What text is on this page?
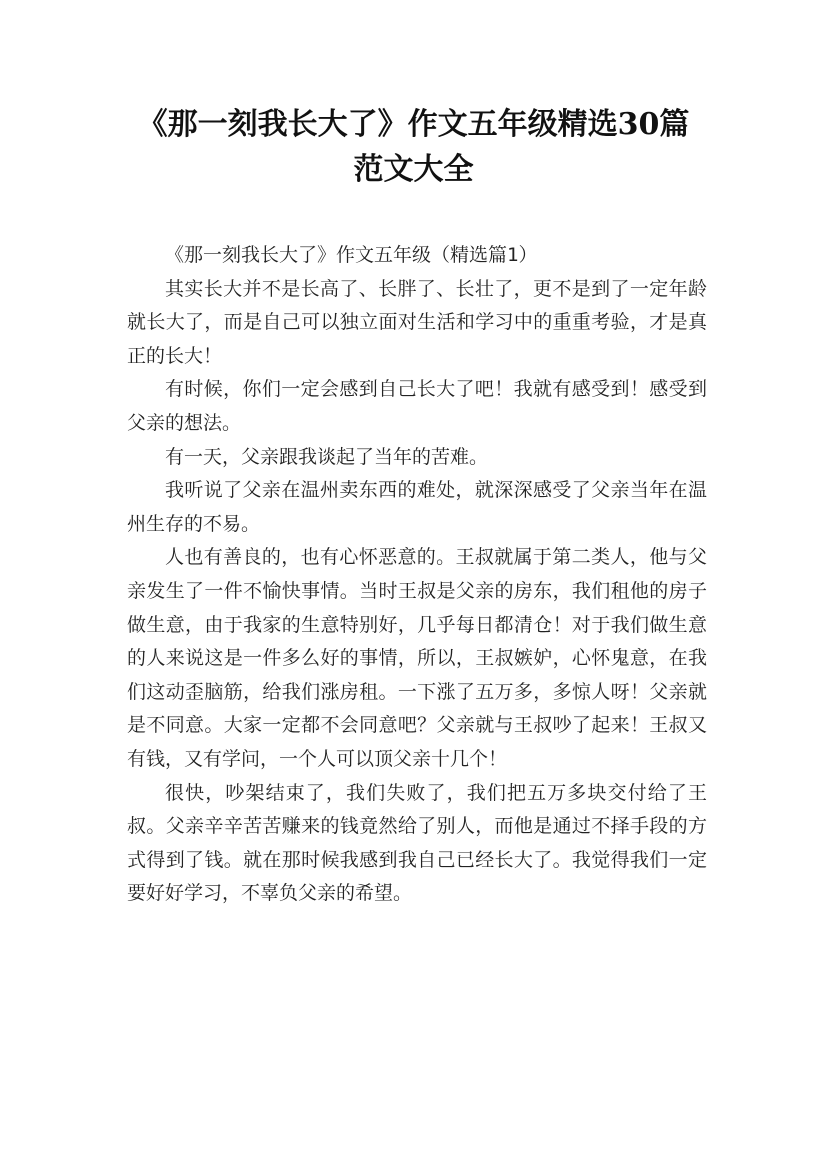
《那一刻我长大了》作文五年级精选30篇
范文大全

《那一刻我长大了》作文五年级（精选篇1）

其实长大并不是长高了、长胖了、长壮了，更不是到了一定年龄就长大了，而是自己可以独立面对生活和学习中的重重考验，才是真正的长大！

有时候，你们一定会感到自己长大了吧！我就有感受到！感受到父亲的想法。

有一天，父亲跟我谈起了当年的苦难。

我听说了父亲在温州卖东西的难处，就深深感受了父亲当年在温州生存的不易。

人也有善良的，也有心怀恶意的。王叔就属于第二类人，他与父亲发生了一件不愉快事情。当时王叔是父亲的房东，我们租他的房子做生意，由于我家的生意特别好，几乎每日都清仓！对于我们做生意的人来说这是一件多么好的事情，所以，王叔嫉妒，心怀鬼意，在我们这动歪脑筋，给我们涨房租。一下涨了五万多，多惊人呀！父亲就是不同意。大家一定都不会同意吧？父亲就与王叔吵了起来！王叔又有钱，又有学问，一个人可以顶父亲十几个！

很快，吵架结束了，我们失败了，我们把五万多块交付给了王叔。父亲辛辛苦苦赚来的钱竟然给了别人，而他是通过不择手段的方式得到了钱。就在那时候我感到我自己已经长大了。我觉得我们一定要好好学习，不辜负父亲的希望。
